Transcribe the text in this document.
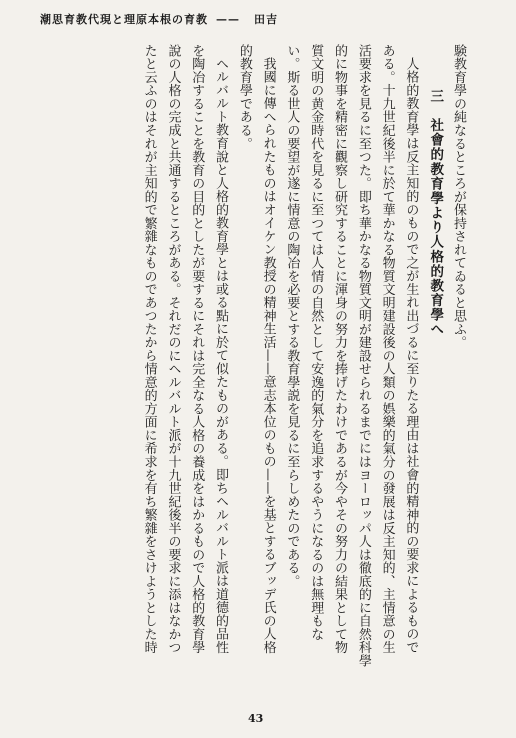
教育の根本原理と現代教育思潮 —— 吉田
験教育學の純なるところが保持されてゐると思ふ。
三　社會的教育學より人格的教育學へ
人格的教育學は反主知的のもので之が生れ出づるに至りたる理由は社會的精神的の要求によるもので
ある。十九世紀後半に於て華かなる物質文明建設後の人類の娯樂的氣分の發展は反主知的、主情意の生
活要求を見るに至つた。即ち華かなる物質文明が建設せられるまでにはヨーロッパ人は徹底的に自然科學
的に物事を精密に觀察し研究することに渾身の努力を捧げたわけであるが今やその努力の結果として物
質文明の黄金時代を見るに至つては人情の自然として安逸的氣分を追求するやうになるのは無理もな
い。斯る世人の要望が遂に情意の陶冶を必要とする教育學説を見るに至らしめたのである。
我國に傳へられたものはオイケン教授の精神生活——意志本位のもの——を基とするブッデ氏の人格
的教育學である。
ヘルバルト教育說と人格的教育學とは或る點に於て似たものがある。即ちヘルバルト派は道德的品性
を陶冶することを教育の目的としたが要するにそれは完全なる人格の養成をはかるもので人格的教育學
說の人格の完成と共通するところがある。それだのにヘルバルト派が十九世紀後半の要求に添はなかつ
たと云ふのはそれが主知的で繁雜なものであつたから情意的方面に希求を有ち繁雜をさけようとした時
43
